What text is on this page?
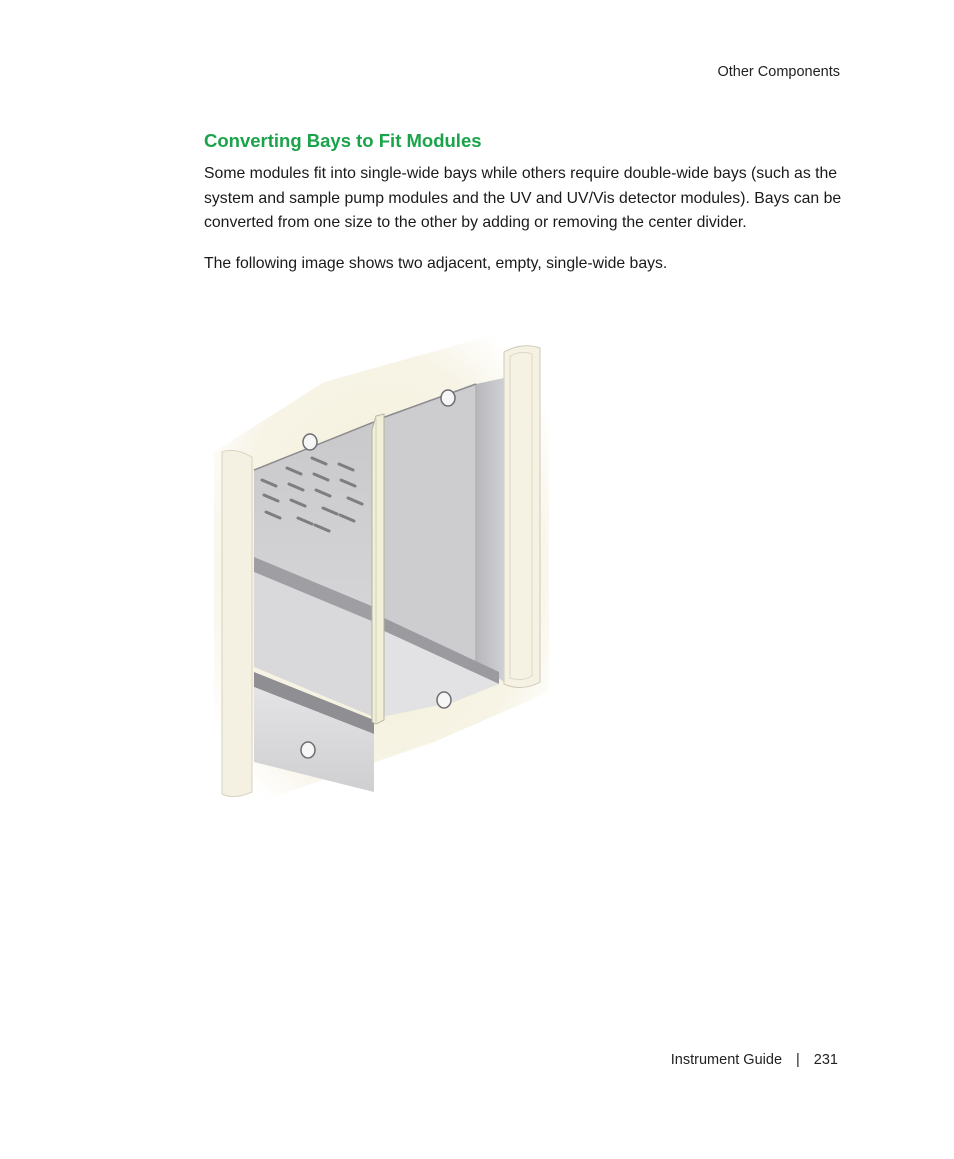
Other Components
Converting Bays to Fit Modules

Some modules fit into single-wide bays while others require double-wide bays (such as the system and sample pump modules and the UV and UV/Vis detector modules). Bays can be converted from one size to the other by adding or removing the center divider.

The following image shows two adjacent, empty, single-wide bays.

Instrument Guide | 231
